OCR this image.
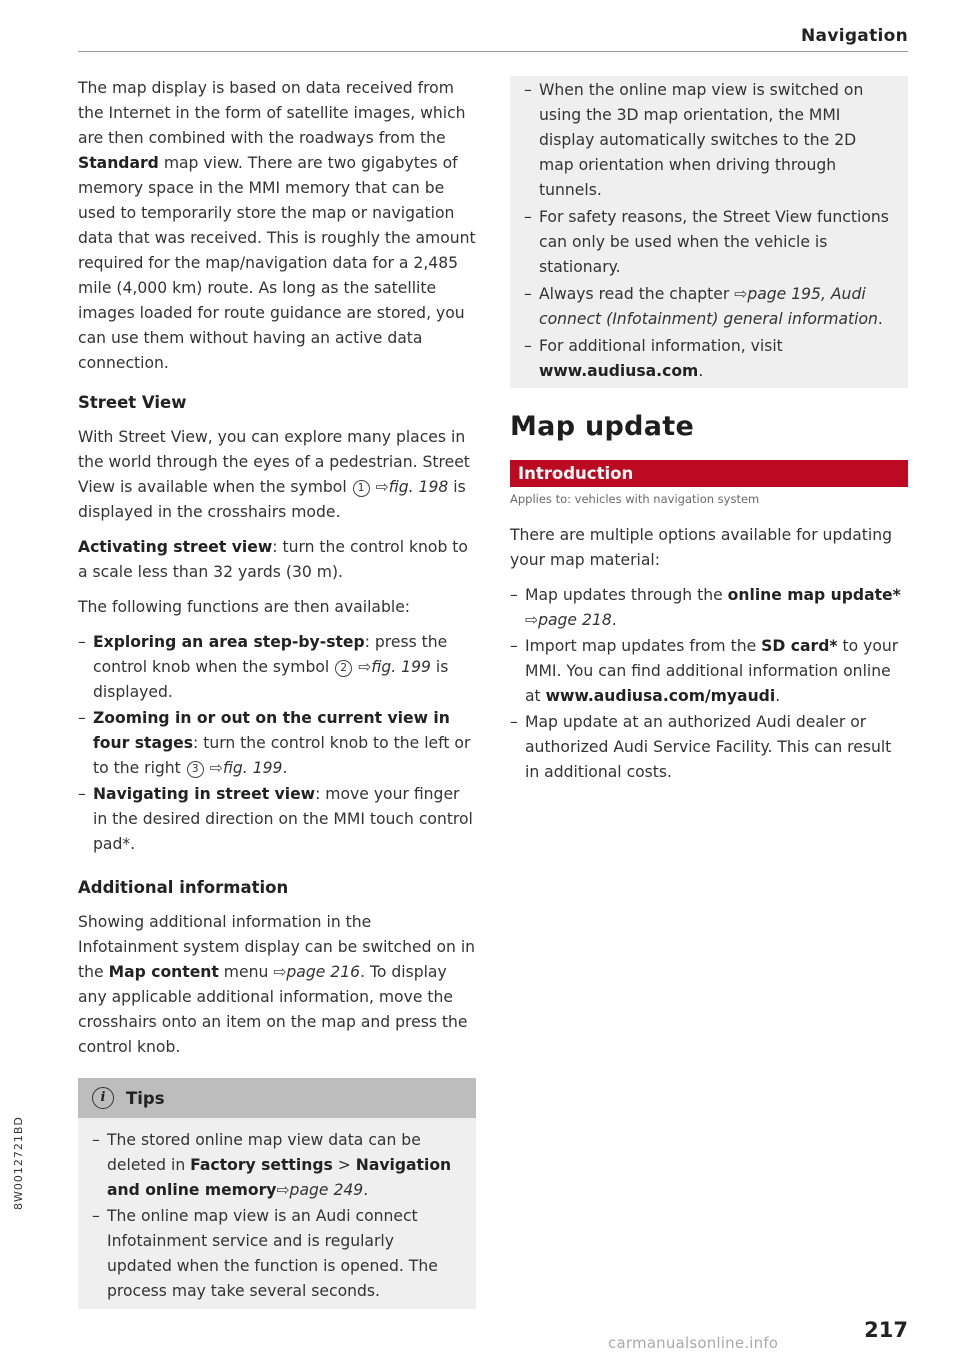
Navigation

The map display is based on data received from the Internet in the form of satellite images, which are then combined with the roadways from the Standard map view. There are two gigabytes of memory space in the MMI memory that can be used to temporarily store the map or navigation data that was received. This is roughly the amount required for the map/navigation data for a 2,485 mile (4,000 km) route. As long as the satellite images loaded for route guidance are stored, you can use them without having an active data connection.

Street View

With Street View, you can explore many places in the world through the eyes of a pedestrian. Street View is available when the symbol 1 ⇨fig. 198 is displayed in the crosshairs mode.

Activating street view: turn the control knob to a scale less than 32 yards (30 m).

The following functions are then available:

– Exploring an area step-by-step: press the control knob when the symbol 2 ⇨fig. 199 is displayed.
– Zooming in or out on the current view in four stages: turn the control knob to the left or to the right 3 ⇨fig. 199.
– Navigating in street view: move your finger in the desired direction on the MMI touch control pad*.
Additional information

Showing additional information in the Infotainment system display can be switched on in the Map content menu ⇨page 216. To display any applicable additional information, move the crosshairs onto an item on the map and press the control knob.

i	Tips
– The stored online map view data can be deleted in Factory settings > Navigation and online memory⇨page 249.
– The online map view is an Audi connect Infotainment service and is regularly updated when the function is opened. The process may take several seconds.
– When the online map view is switched on using the 3D map orientation, the MMI display automatically switches to the 2D map orientation when driving through tunnels.
– For safety reasons, the Street View functions can only be used when the vehicle is stationary.
– Always read the chapter ⇨page 195, Audi connect (Infotainment) general information.
– For additional information, visit www.audiusa.com.
Map update
Introduction
Applies to: vehicles with navigation system

There are multiple options available for updating your map material:

– Map updates through the online map update* ⇨page 218.
– Import map updates from the SD card* to your MMI. You can find additional information online at www.audiusa.com/myaudi.
– Map update at an authorized Audi dealer or authorized Audi Service Facility. This can result in additional costs.
8W0012721BD
217
carmanualsonline.info
